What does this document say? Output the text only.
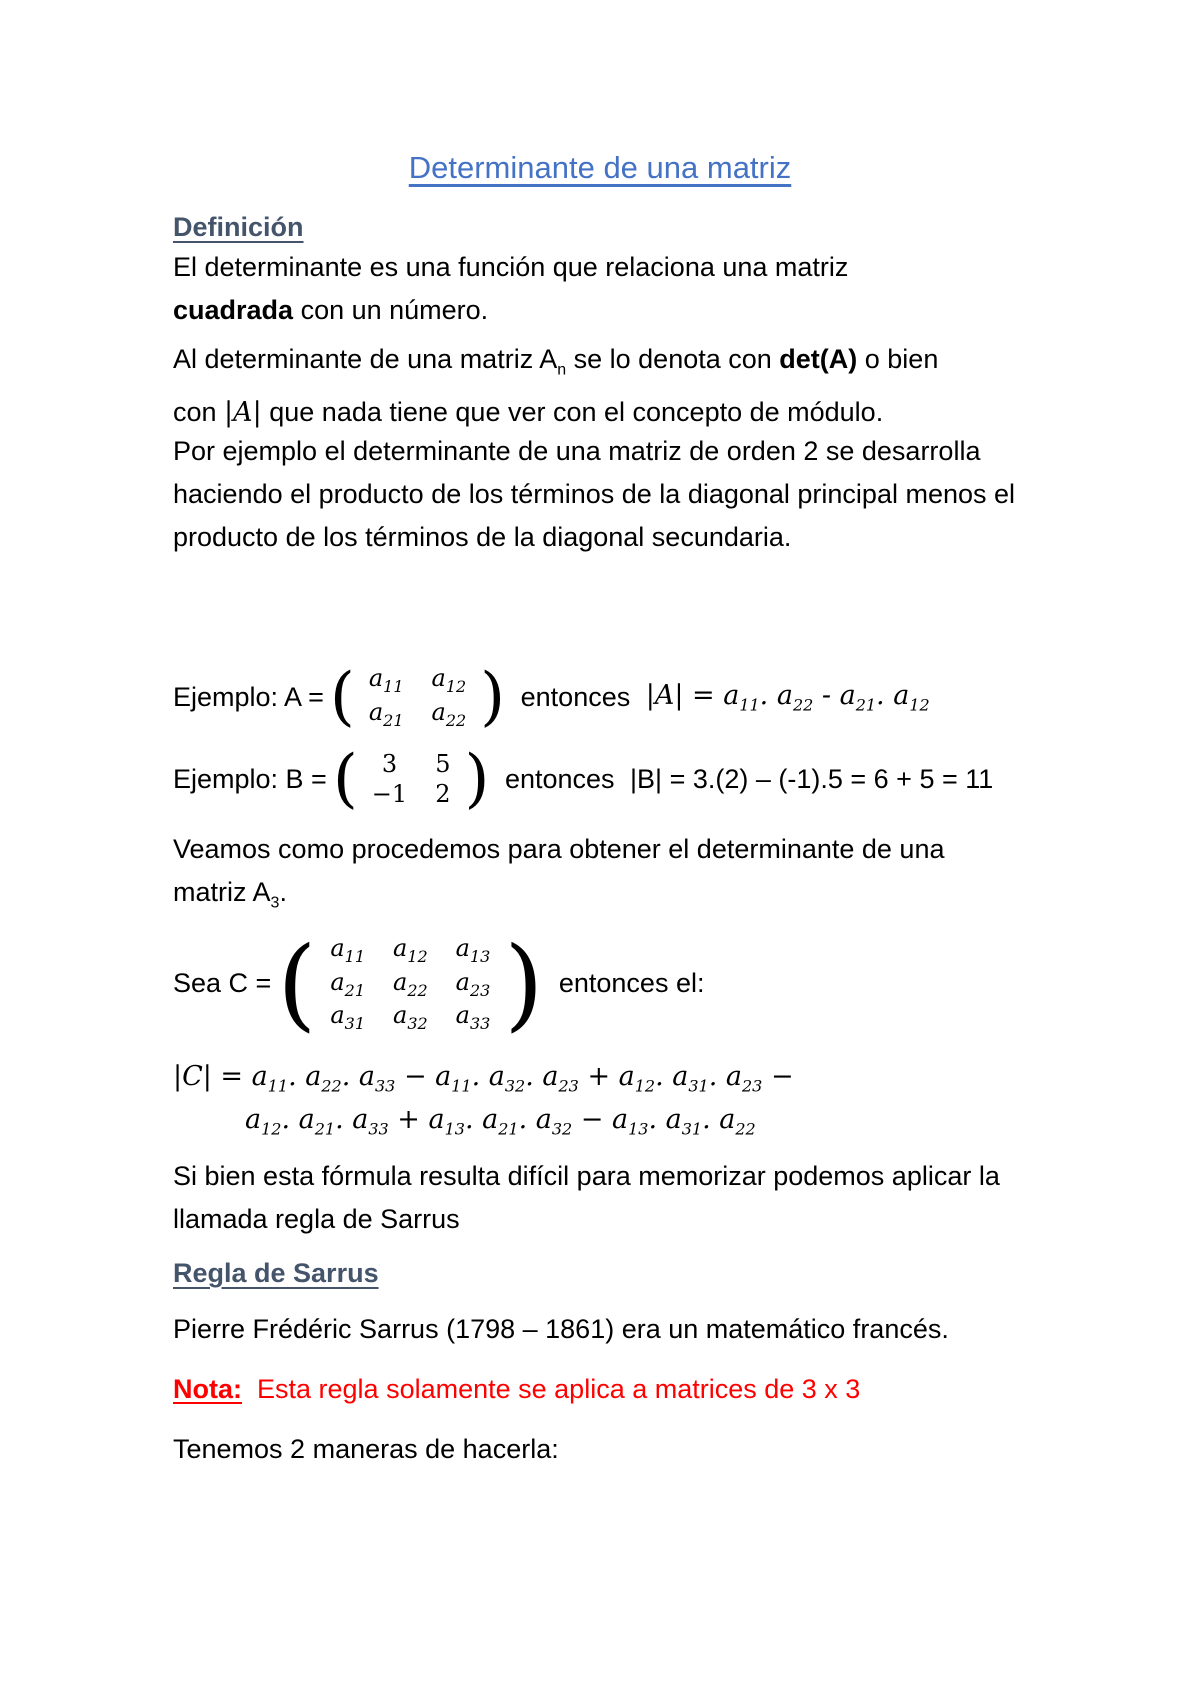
Determinante de una matriz
Definición
El determinante es una función que relaciona una matriz
cuadrada con un número.
Al determinante de una matriz $A_n$ se lo denota con det(A) o bien
con |A| que nada tiene que ver con el concepto de módulo.
Por ejemplo el determinante de una matriz de orden 2 se desarrolla haciendo el producto de los términos de la diagonal principal menos el producto de los términos de la diagonal secundaria.
Ejemplo: A = ( $a_{11}$	$a_{12}$
$a_{21}$	$a_{22}$ ) entonces $|A| = a_{11}$. $a_{22} - a_{21}$. $a_{12}$
Ejemplo: B = ( 3	5
−1	2 ) entonces |B| = 3.(2) – (-1).5 = 6 + 5 = 11
Veamos como procedemos para obtener el determinante de una
matriz $A_3$.
Sea C = ( $a_{11}$	$a_{12}$	$a_{13}$
$a_{21}$	$a_{22}$	$a_{23}$
$a_{31}$	$a_{32}$	$a_{33}$ ) entonces el:
$|C| = a_{11}$. $a_{22}$. $a_{33} - a_{11}$. $a_{32}$. $a_{23} + a_{12}$. $a_{31}$. $a_{23}$ −
$a_{12}$. $a_{21}$. $a_{33} + a_{13}$. $a_{21}$. $a_{32} - a_{13}$. $a_{31}$. $a_{22}$
Si bien esta fórmula resulta difícil para memorizar podemos aplicar la llamada regla de Sarrus
Regla de Sarrus
Pierre Frédéric Sarrus (1798 – 1861) era un matemático francés.
Nota:  Esta regla solamente se aplica a matrices de 3 x 3
Tenemos 2 maneras de hacerla:
